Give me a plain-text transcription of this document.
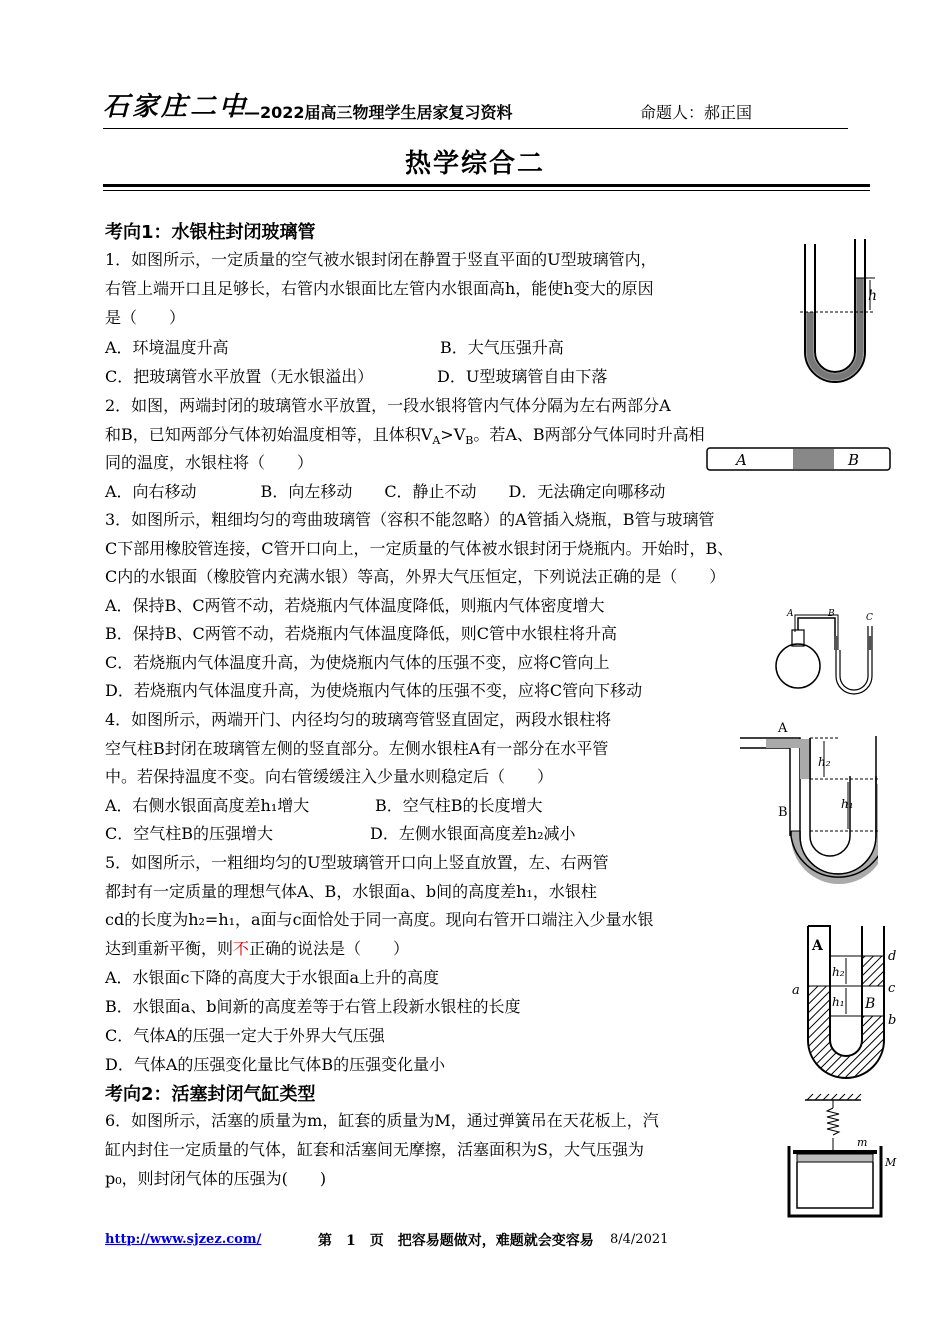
石家庄二中
——2022届高三物理学生居家复习资料	命题人：郝正国
热学综合二
考向1：水银柱封闭玻璃管
1．如图所示，一定质量的空气被水银封闭在静置于竖直平面的U型玻璃管内，
右管上端开口且足够长，右管内水银面比左管内水银面高h，能使h变大的原因
是（　　）
A．环境温度升高	B．大气压强升高
C．把玻璃管水平放置（无水银溢出）	D．U型玻璃管自由下落
h
2．如图，两端封闭的玻璃管水平放置，一段水银将管内气体分隔为左右两部分A
和B，已知两部分气体初始温度相等，且体积$V_A>V_B$。若A、B两部分气体同时升高相
同的温度，水银柱将（　　）
A．向右移动　　　　B．向左移动　　C．静止不动　　D．无法确定向哪移动
A	B
3．如图所示，粗细均匀的弯曲玻璃管（容积不能忽略）的A管插入烧瓶，B管与玻璃管
C下部用橡胶管连接，C管开口向上，一定质量的气体被水银封闭于烧瓶内。开始时，B、
C内的水银面（橡胶管内充满水银）等高，外界大气压恒定，下列说法正确的是（　　）
A．保持B、C两管不动，若烧瓶内气体温度降低，则瓶内气体密度增大
B．保持B、C两管不动，若烧瓶内气体温度降低，则C管中水银柱将升高
C．若烧瓶内气体温度升高，为使烧瓶内气体的压强不变，应将C管向上
D．若烧瓶内气体温度升高，为使烧瓶内气体的压强不变，应将C管向下移动
A	B	C
4．如图所示，两端开门、内径均匀的玻璃弯管竖直固定，两段水银柱将
空气柱B封闭在玻璃管左侧的竖直部分。左侧水银柱A有一部分在水平管
中。若保持温度不变。向右管缓缓注入少量水则稳定后（　　）
A．右侧水银面高度差h₁增大	B．空气柱B的长度增大
C．空气柱B的压强增大	D．左侧水银面高度差h₂减小
A
h₂
h₁
B
5．如图所示，一粗细均匀的U型玻璃管开口向上竖直放置，左、右两管
都封有一定质量的理想气体A、B，水银面a、b间的高度差h₁，水银柱
cd的长度为h₂=h₁，a面与c面恰处于同一高度。现向右管开口端注入少量水银
达到重新平衡，则不正确的说法是（　　）
A．水银面c下降的高度大于水银面a上升的高度
B．水银面a、b间新的高度差等于右管上段新水银柱的长度
C．气体A的压强一定大于外界大气压强
D．气体A的压强变化量比气体B的压强变化量小
A
B
h₂
h₁
a
b
c
d
考向2：活塞封闭气缸类型
6．如图所示，活塞的质量为m，缸套的质量为M，通过弹簧吊在天花板上，汽
缸内封住一定质量的气体，缸套和活塞间无摩擦，活塞面积为S，大气压强为
p₀，则封闭气体的压强为(　　)
m
M
http://www.sjzez.com/	第　1　页　把容易题做对，难题就会变容易 8/4/2021
